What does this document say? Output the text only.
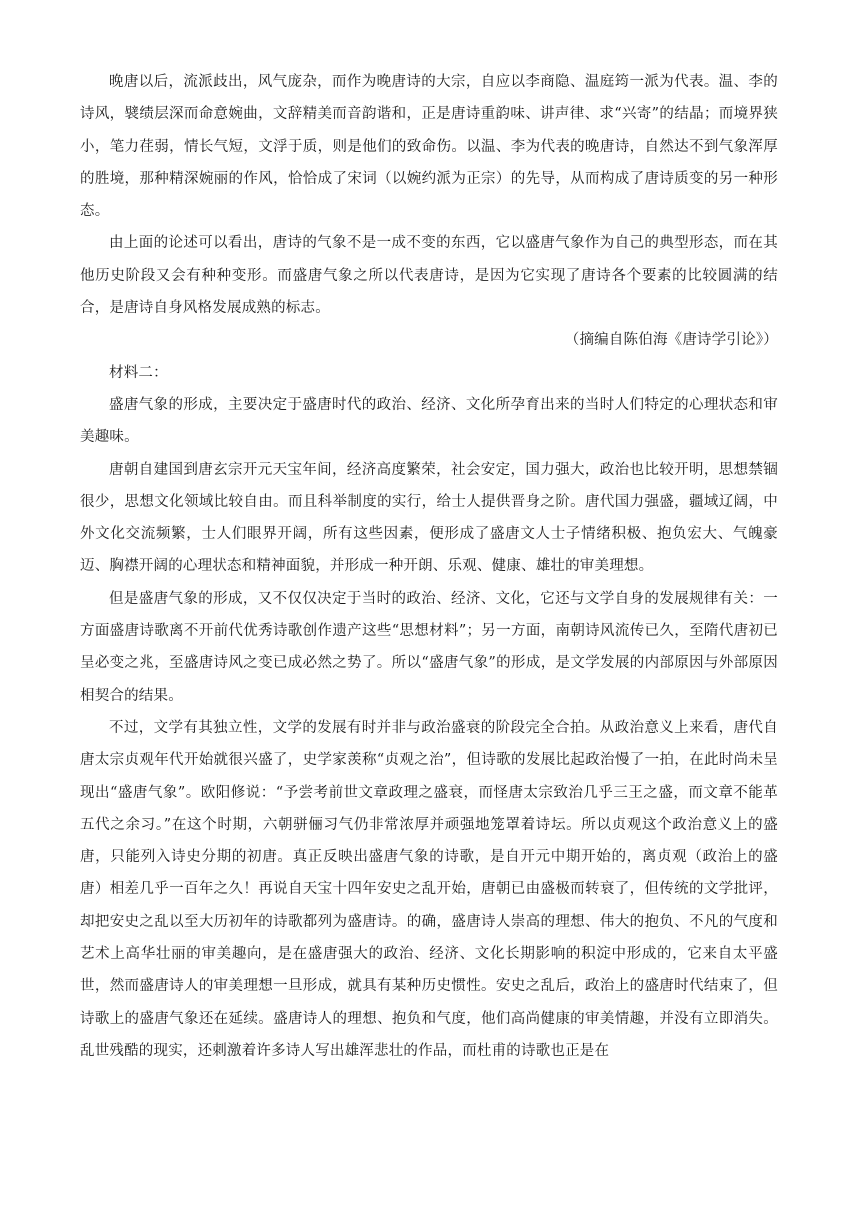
晚唐以后，流派歧出，风气庞杂，而作为晚唐诗的大宗，自应以李商隐、温庭筠一派为代表。温、李的诗风，襞绩层深而命意婉曲，文辞精美而音韵谐和，正是唐诗重韵味、讲声律、求“兴寄”的结晶；而境界狭小，笔力荏弱，情长气短，文浮于质，则是他们的致命伤。以温、李为代表的晚唐诗，自然达不到气象浑厚的胜境，那种精深婉丽的作风，恰恰成了宋词（以婉约派为正宗）的先导，从而构成了唐诗质变的另一种形态。

由上面的论述可以看出，唐诗的气象不是一成不变的东西，它以盛唐气象作为自己的典型形态，而在其他历史阶段又会有种种变形。而盛唐气象之所以代表唐诗，是因为它实现了唐诗各个要素的比较圆满的结合，是唐诗自身风格发展成熟的标志。

（摘编自陈伯海《唐诗学引论》）

材料二：

盛唐气象的形成，主要决定于盛唐时代的政治、经济、文化所孕育出来的当时人们特定的心理状态和审美趣味。

唐朝自建国到唐玄宗开元天宝年间，经济高度繁荣，社会安定，国力强大，政治也比较开明，思想禁锢很少，思想文化领域比较自由。而且科举制度的实行，给士人提供晋身之阶。唐代国力强盛，疆域辽阔，中外文化交流频繁，士人们眼界开阔，所有这些因素，便形成了盛唐文人士子情绪积极、抱负宏大、气魄豪迈、胸襟开阔的心理状态和精神面貌，并形成一种开朗、乐观、健康、雄壮的审美理想。

但是盛唐气象的形成，又不仅仅决定于当时的政治、经济、文化，它还与文学自身的发展规律有关：一方面盛唐诗歌离不开前代优秀诗歌创作遗产这些“思想材料”；另一方面，南朝诗风流传已久，至隋代唐初已呈必变之兆，至盛唐诗风之变已成必然之势了。所以“盛唐气象”的形成，是文学发展的内部原因与外部原因相契合的结果。

不过，文学有其独立性，文学的发展有时并非与政治盛衰的阶段完全合拍。从政治意义上来看，唐代自唐太宗贞观年代开始就很兴盛了，史学家羡称“贞观之治”，但诗歌的发展比起政治慢了一拍，在此时尚未呈现出“盛唐气象”。欧阳修说：“予尝考前世文章政理之盛衰，而怪唐太宗致治几乎三王之盛，而文章不能革五代之余习。”在这个时期，六朝骈俪习气仍非常浓厚并顽强地笼罩着诗坛。所以贞观这个政治意义上的盛唐，只能列入诗史分期的初唐。真正反映出盛唐气象的诗歌，是自开元中期开始的，离贞观（政治上的盛唐）相差几乎一百年之久！再说自天宝十四年安史之乱开始，唐朝已由盛极而转衰了，但传统的文学批评，却把安史之乱以至大历初年的诗歌都列为盛唐诗。的确，盛唐诗人崇高的理想、伟大的抱负、不凡的气度和艺术上高华壮丽的审美趣向，是在盛唐强大的政治、经济、文化长期影响的积淀中形成的，它来自太平盛世，然而盛唐诗人的审美理想一旦形成，就具有某种历史惯性。安史之乱后，政治上的盛唐时代结束了，但诗歌上的盛唐气象还在延续。盛唐诗人的理想、抱负和气度，他们高尚健康的审美情趣，并没有立即消失。乱世残酷的现实，还刺激着许多诗人写出雄浑悲壮的作品，而杜甫的诗歌也正是在
